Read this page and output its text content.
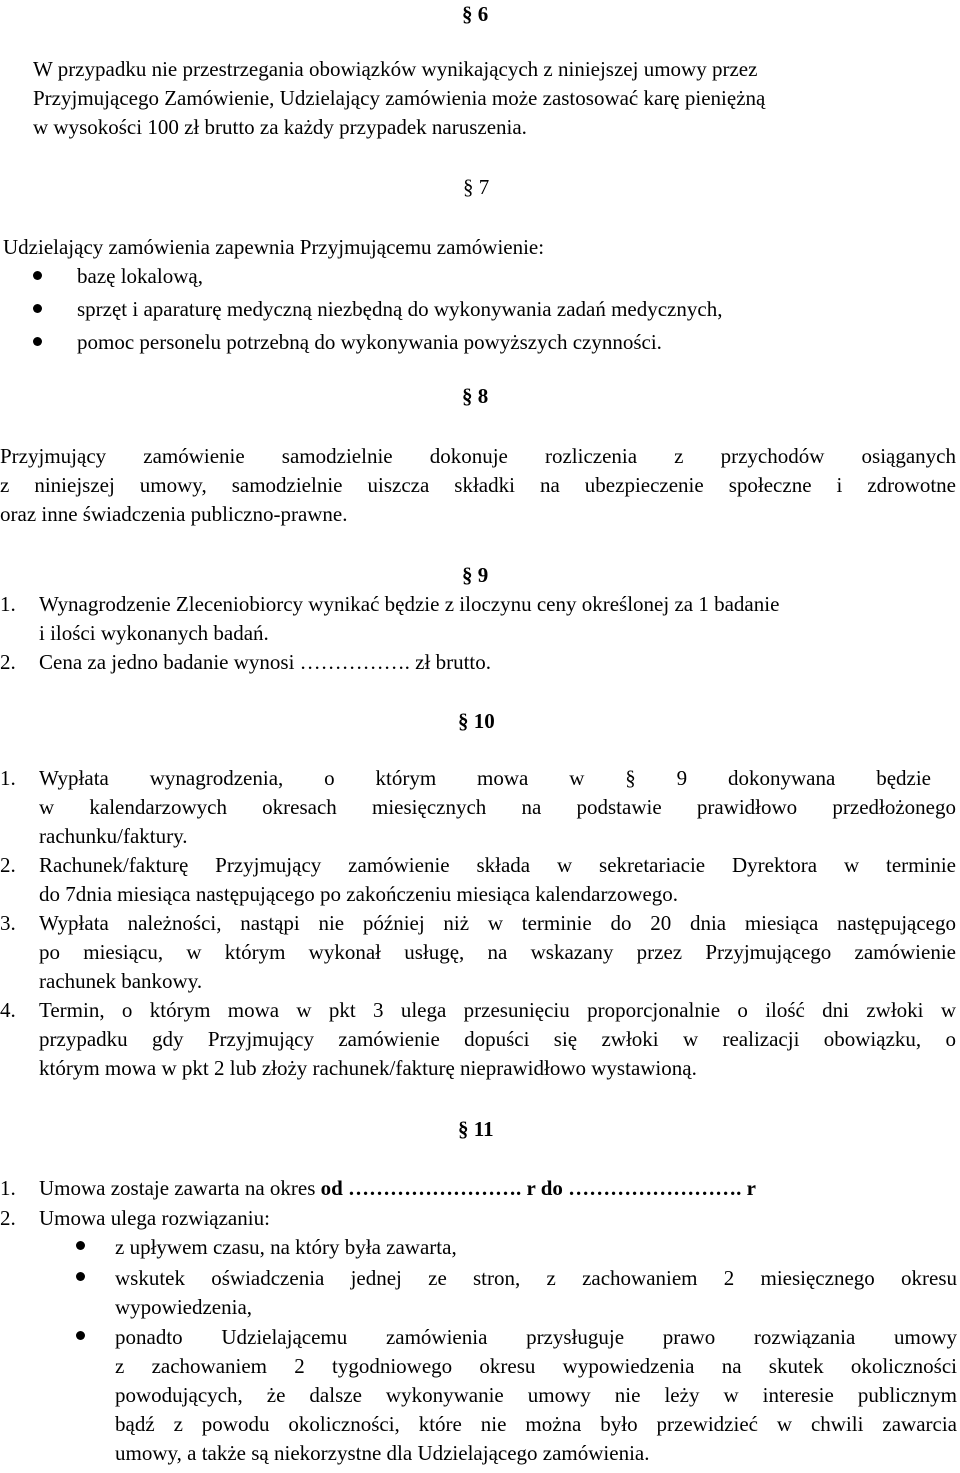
§ 6
W przypadku nie przestrzegania obowiązków wynikających z niniejszej umowy przez
Przyjmującego Zamówienie, Udzielający zamówienia może zastosować karę pieniężną
w wysokości 100 zł brutto za każdy przypadek naruszenia.
§ 7
Udzielający zamówienia zapewnia Przyjmującemu zamówienie:
bazę lokalową,
sprzęt i aparaturę medyczną niezbędną do wykonywania zadań medycznych,
pomoc personelu potrzebną do wykonywania powyższych czynności.
§ 8
Przyjmujący zamówienie samodzielnie dokonuje rozliczenia z przychodów osiąganych
z niniejszej umowy, samodzielnie uiszcza składki na ubezpieczenie społeczne i zdrowotne
oraz inne świadczenia publiczno-prawne.
§ 9
1. Wynagrodzenie Zleceniobiorcy wynikać będzie z iloczynu ceny określonej za 1 badanie
i ilości wykonanych badań.
2. Cena za jedno badanie wynosi ……………. zł brutto.
§ 10
1. Wypłata wynagrodzenia, o którym mowa w § 9 dokonywana będzie
w kalendarzowych okresach miesięcznych na podstawie prawidłowo przedłożonego
rachunku/faktury.
2. Rachunek/fakturę Przyjmujący zamówienie składa w sekretariacie Dyrektora w terminie
do 7dnia miesiąca następującego po zakończeniu miesiąca kalendarzowego.
3. Wypłata należności, nastąpi nie później niż w terminie do 20 dnia miesiąca następującego
po miesiącu, w którym wykonał usługę, na wskazany przez Przyjmującego zamówienie
rachunek bankowy.
4. Termin, o którym mowa w pkt 3 ulega przesunięciu proporcjonalnie o ilość dni zwłoki w
przypadku gdy Przyjmujący zamówienie dopuści się zwłoki w realizacji obowiązku, o
którym mowa w pkt 2 lub złoży rachunek/fakturę nieprawidłowo wystawioną.
§ 11
1. Umowa zostaje zawarta na okres od ……………………. r do ……………………. r
2. Umowa ulega rozwiązaniu:
z upływem czasu, na który była zawarta,
wskutek oświadczenia jednej ze stron, z zachowaniem 2 miesięcznego okresu
wypowiedzenia,
ponadto Udzielającemu zamówienia przysługuje prawo rozwiązania umowy
z zachowaniem 2 tygodniowego okresu wypowiedzenia na skutek okoliczności
powodujących, że dalsze wykonywanie umowy nie leży w interesie publicznym
bądź z powodu okoliczności, które nie można było przewidzieć w chwili zawarcia
umowy, a także są niekorzystne dla Udzielającego zamówienia.
